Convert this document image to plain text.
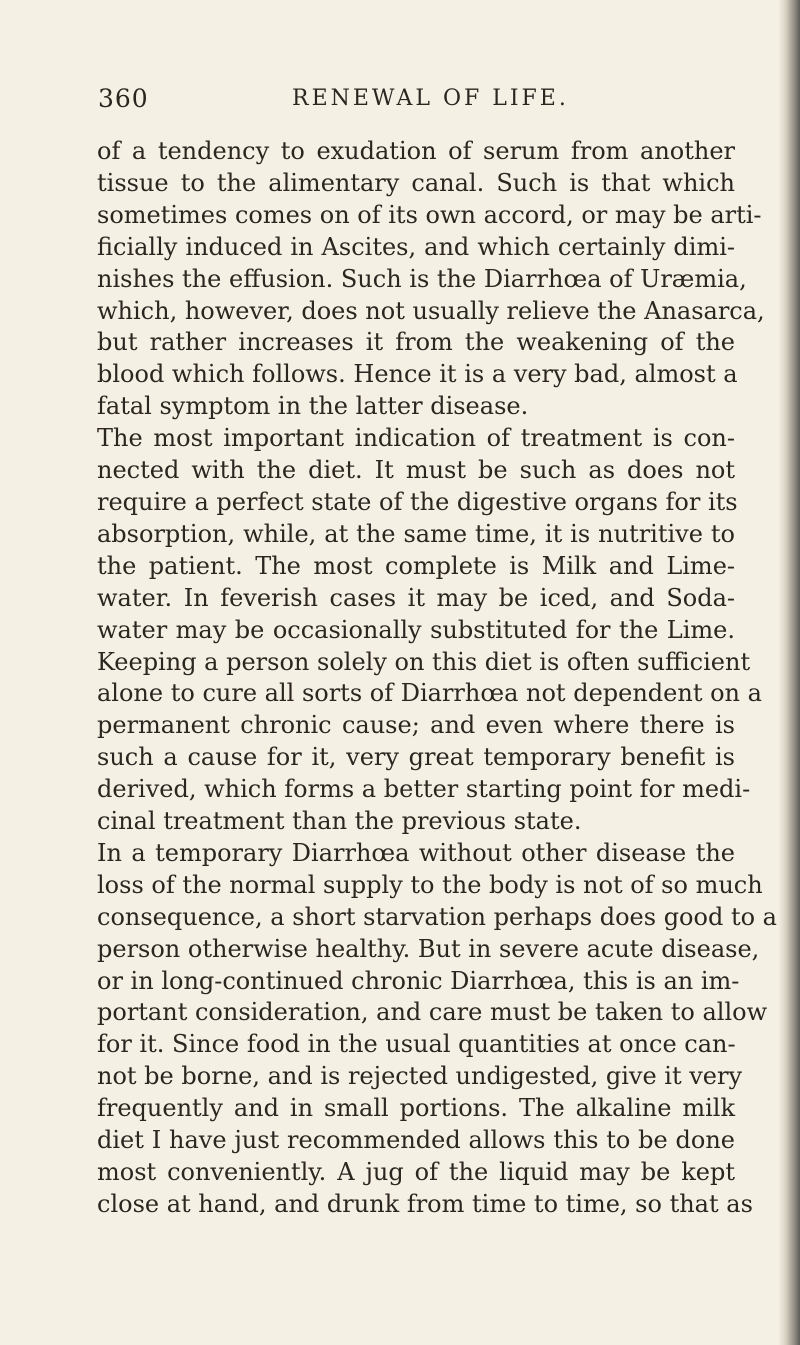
360	RENEWAL OF LIFE.
of a tendency to exudation of serum from another
tissue to the alimentary canal. Such is that which
sometimes comes on of its own accord, or may be arti-
ficially induced in Ascites, and which certainly dimi-
nishes the effusion. Such is the Diarrhœa of Uræmia,
which, however, does not usually relieve the Anasarca,
but rather increases it from the weakening of the
blood which follows. Hence it is a very bad, almost a
fatal symptom in the latter disease.
The most important indication of treatment is con-
nected with the diet. It must be such as does not
require a perfect state of the digestive organs for its
absorption, while, at the same time, it is nutritive to
the patient. The most complete is Milk and Lime-
water. In feverish cases it may be iced, and Soda-
water may be occasionally substituted for the Lime.
Keeping a person solely on this diet is often sufficient
alone to cure all sorts of Diarrhœa not dependent on a
permanent chronic cause; and even where there is
such a cause for it, very great temporary benefit is
derived, which forms a better starting point for medi-
cinal treatment than the previous state.
In a temporary Diarrhœa without other disease the
loss of the normal supply to the body is not of so much
consequence, a short starvation perhaps does good to a
person otherwise healthy. But in severe acute disease,
or in long-continued chronic Diarrhœa, this is an im-
portant consideration, and care must be taken to allow
for it. Since food in the usual quantities at once can-
not be borne, and is rejected undigested, give it very
frequently and in small portions. The alkaline milk
diet I have just recommended allows this to be done
most conveniently. A jug of the liquid may be kept
close at hand, and drunk from time to time, so that as
